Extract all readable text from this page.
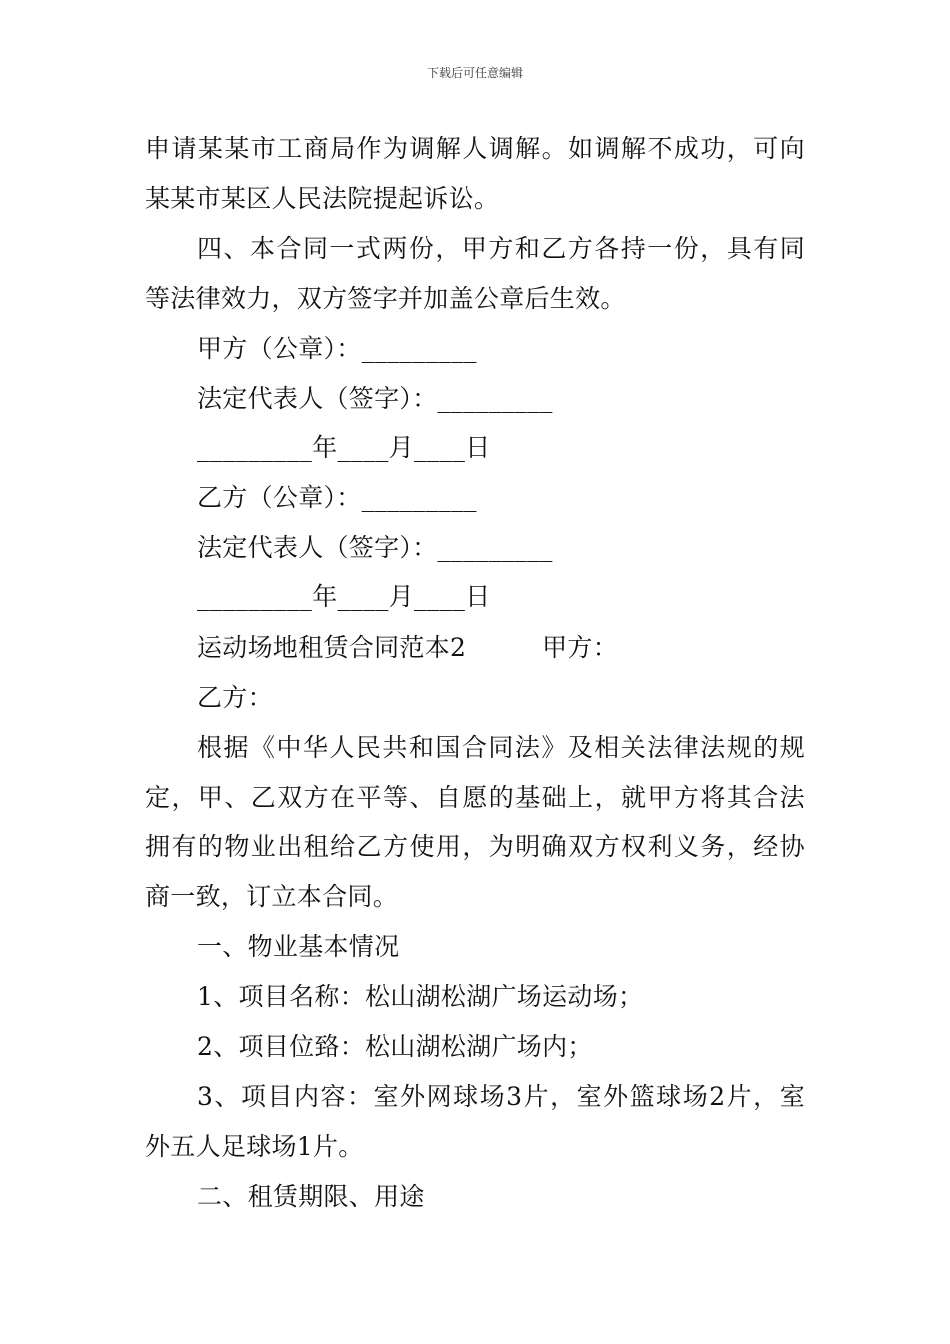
下载后可任意编辑
申请某某市工商局作为调解人调解。如调解不成功，可向
某某市某区人民法院提起诉讼。
四、本合同一式两份，甲方和乙方各持一份，具有同
等法律效力，双方签字并加盖公章后生效。
甲方（公章）：_________
法定代表人（签字）：_________
_________年____月____日
乙方（公章）：_________
法定代表人（签字）：_________
_________年____月____日
运动场地租赁合同范本2　　　甲方：
乙方：
根据《中华人民共和国合同法》及相关法律法规的规
定，甲、乙双方在平等、自愿的基础上，就甲方将其合法
拥有的物业出租给乙方使用，为明确双方权利义务，经协
商一致，订立本合同。
一、物业基本情况
1、项目名称：松山湖松湖广场运动场；
2、项目位臵：松山湖松湖广场内；
3、项目内容：室外网球场3片，室外篮球场2片，室
外五人足球场1片。
二、租赁期限、用途
